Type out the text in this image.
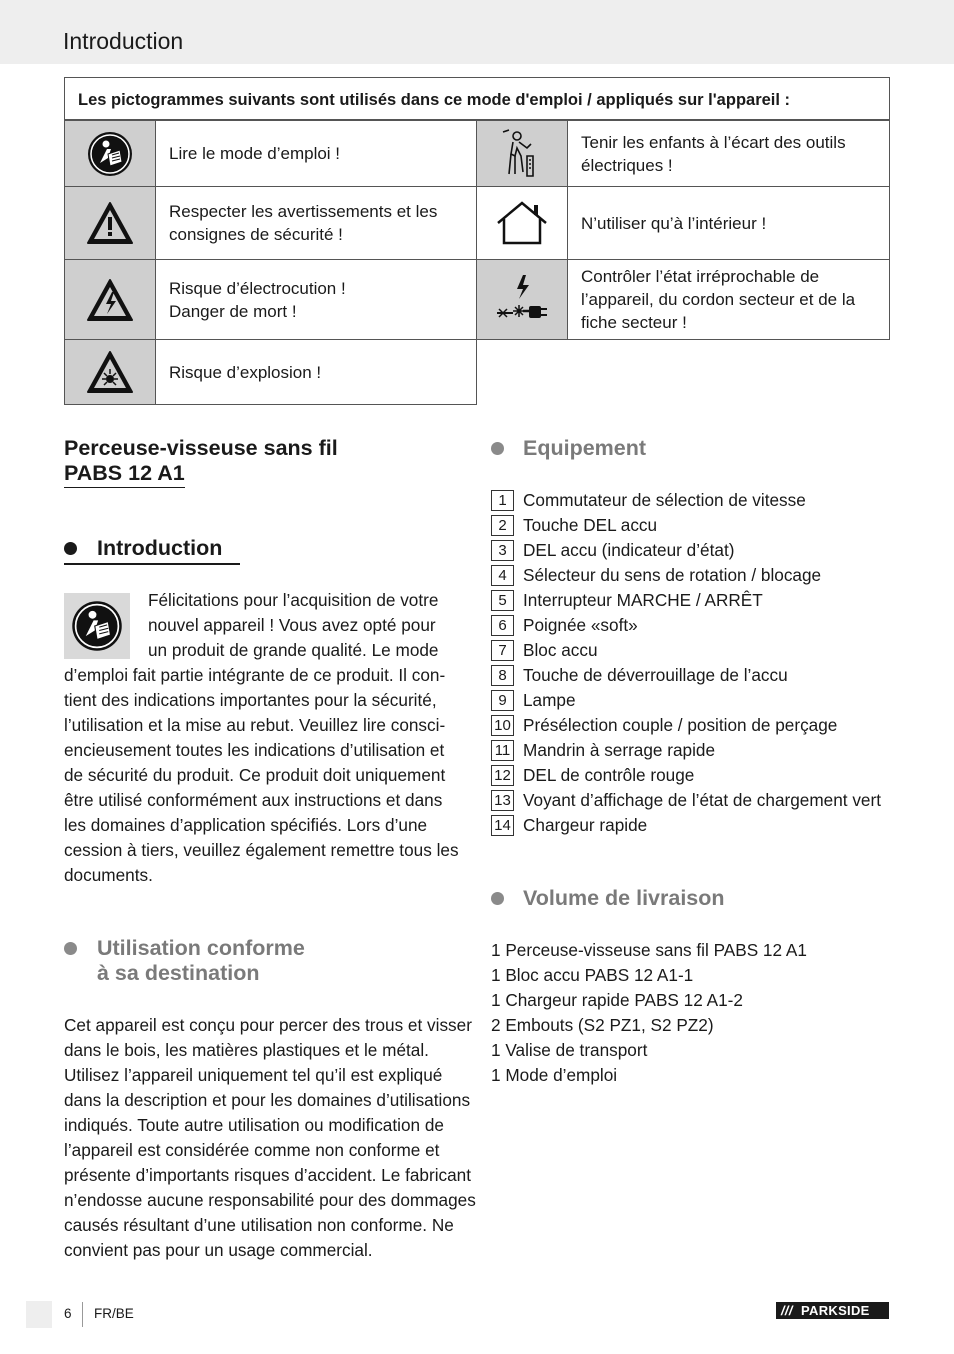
Introduction
Les pictogrammes suivants sont utilisés dans ce mode d'emploi / appliqués sur l'appareil :
Lire le mode d’emploi !
Tenir les enfants à l’écart des outils électriques !
Respecter les avertissements et les consignes de sécurité !
N’utiliser qu’à l’intérieur !
Risque d’électrocution !
Danger de mort !
Contrôler l’état irréprochable de l’appareil, du cordon secteur et de la fiche secteur !
Risque d’explosion !
Perceuse-visseuse sans fil
PABS 12 A1
Introduction
Félicitations pour l’acquisition de votre
nouvel appareil ! Vous avez opté pour
un produit de grande qualité. Le mode
d’emploi fait partie intégrante de ce produit. Il con-
tient des indications importantes pour la sécurité,
l’utilisation et la mise au rebut. Veuillez lire consci-
encieusement toutes les indications d’utilisation et
de sécurité du produit. Ce produit doit uniquement
être utilisé conformément aux instructions et dans
les domaines d’application spécifiés. Lors d’une
cession à tiers, veuillez également remettre tous les
documents.
Utilisation conforme
à sa destination
Cet appareil est conçu pour percer des trous et visser
dans le bois, les matières plastiques et le métal.
Utilisez l’appareil uniquement tel qu’il est expliqué
dans la description et pour les domaines d’utilisations
indiqués. Toute autre utilisation ou modification de
l’appareil est considérée comme non conforme et
présente d’importants risques d’accident. Le fabricant
n’endosse aucune responsabilité pour des dommages
causés résultant d’une utilisation non conforme. Ne
convient pas pour un usage commercial.
Equipement
1 Commutateur de sélection de vitesse
2 Touche DEL accu
3 DEL accu (indicateur d’état)
4 Sélecteur du sens de rotation / blocage
5 Interrupteur MARCHE / ARRÊT
6 Poignée «soft»
7 Bloc accu
8 Touche de déverrouillage de l’accu
9 Lampe
10 Présélection couple / position de perçage
11 Mandrin à serrage rapide
12 DEL de contrôle rouge
13 Voyant d’affichage de l’état de chargement vert
14 Chargeur rapide
Volume de livraison
1 Perceuse-visseuse sans fil PABS 12 A1
1 Bloc accu PABS 12 A1-1
1 Chargeur rapide PABS 12 A1-2
2 Embouts (S2 PZ1, S2 PZ2)
1 Valise de transport
1 Mode d’emploi
6 FR/BE	/// PARKSIDE
